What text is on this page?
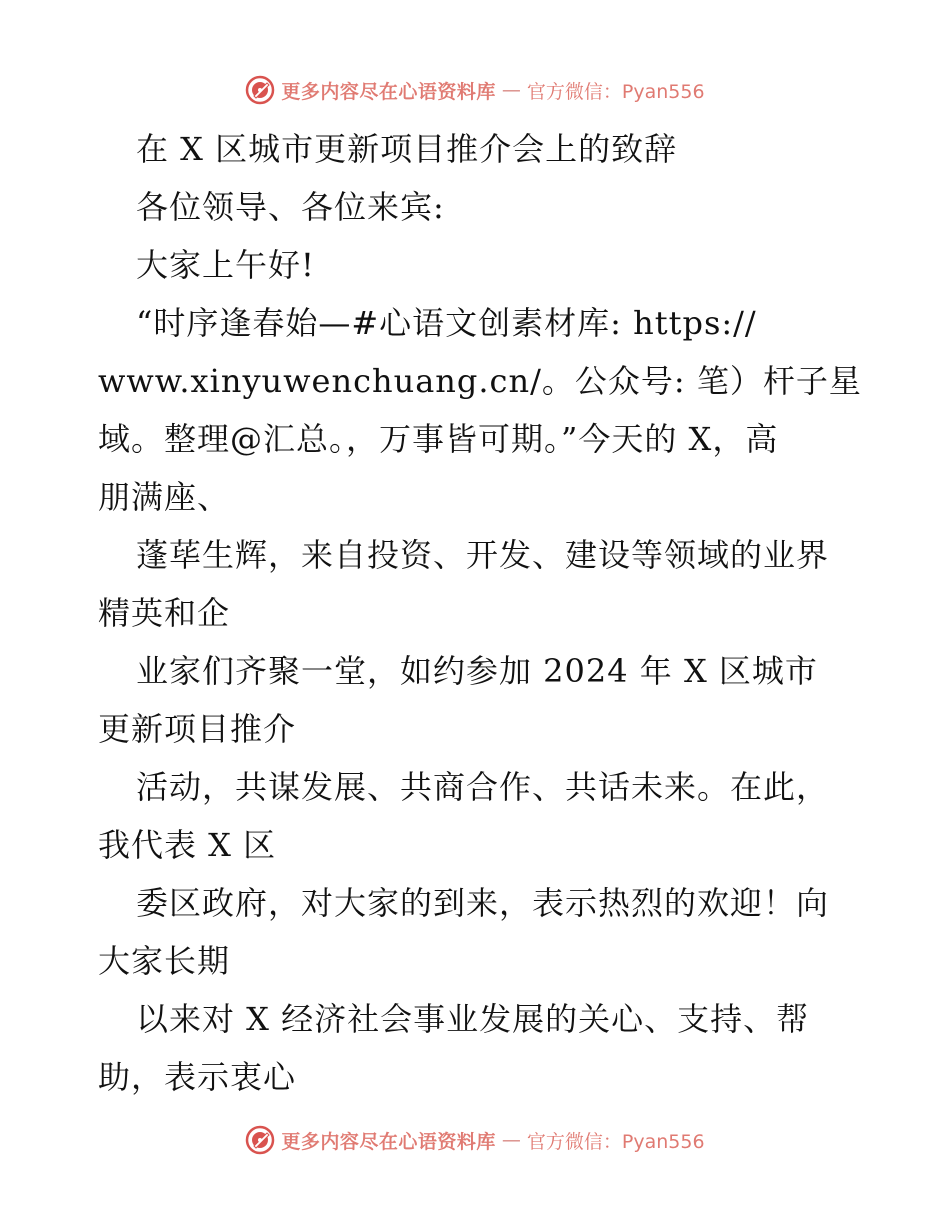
更多内容尽在心语资料库 — 官方微信：Pyan556
在 X 区城市更新项目推介会上的致辞
各位领导、各位来宾:
大家上午好!
“时序逢春始—#心语文创素材库: https://
www.xinyuwenchuang.cn/。公众号: 笔）杆子星
域。整理@汇总。，万事皆可期。”今天的 X，高
朋满座、
蓬荜生辉，来自投资、开发、建设等领域的业界
精英和企
业家们齐聚一堂，如约参加 2024 年 X 区城市
更新项目推介
活动，共谋发展、共商合作、共话未来。在此，
我代表 X 区
委区政府，对大家的到来，表示热烈的欢迎！向
大家长期
以来对 X 经济社会事业发展的关心、支持、帮
助，表示衷心
更多内容尽在心语资料库 — 官方微信：Pyan556
